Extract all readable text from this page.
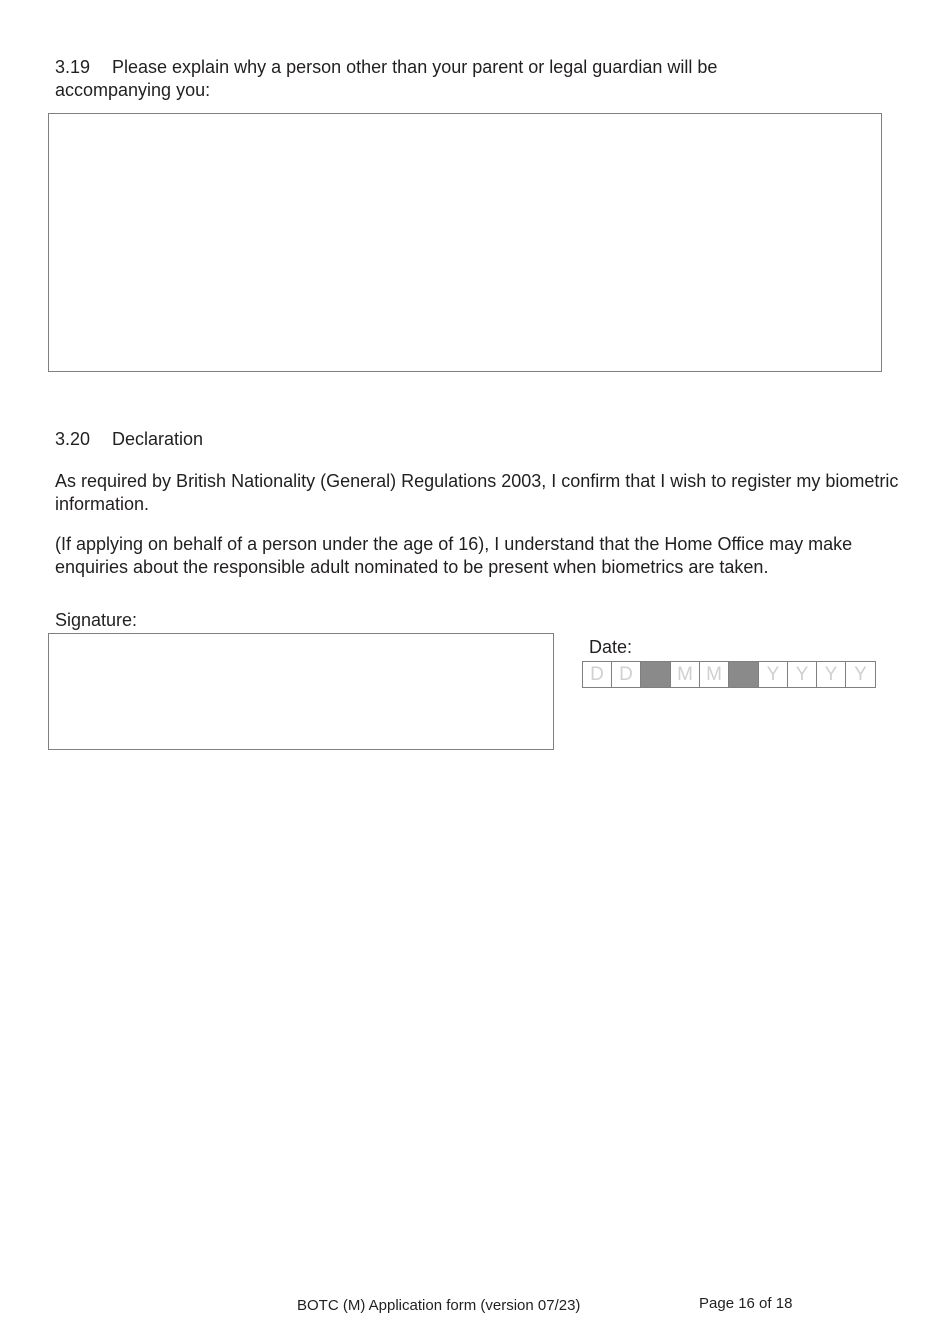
3.19 Please explain why a person other than your parent or legal guardian will be
accompanying you:
3.20 Declaration

As required by British Nationality (General) Regulations 2003, I confirm that I wish to register my biometric information.

(If applying on behalf of a person under the age of 16), I understand that the Home Office may make enquiries about the responsible adult nominated to be present when biometrics are taken.

Signature:
Date:
D D	M M	Y Y Y Y
BOTC (M) Application form (version 07/23)	Page 16 of 18
